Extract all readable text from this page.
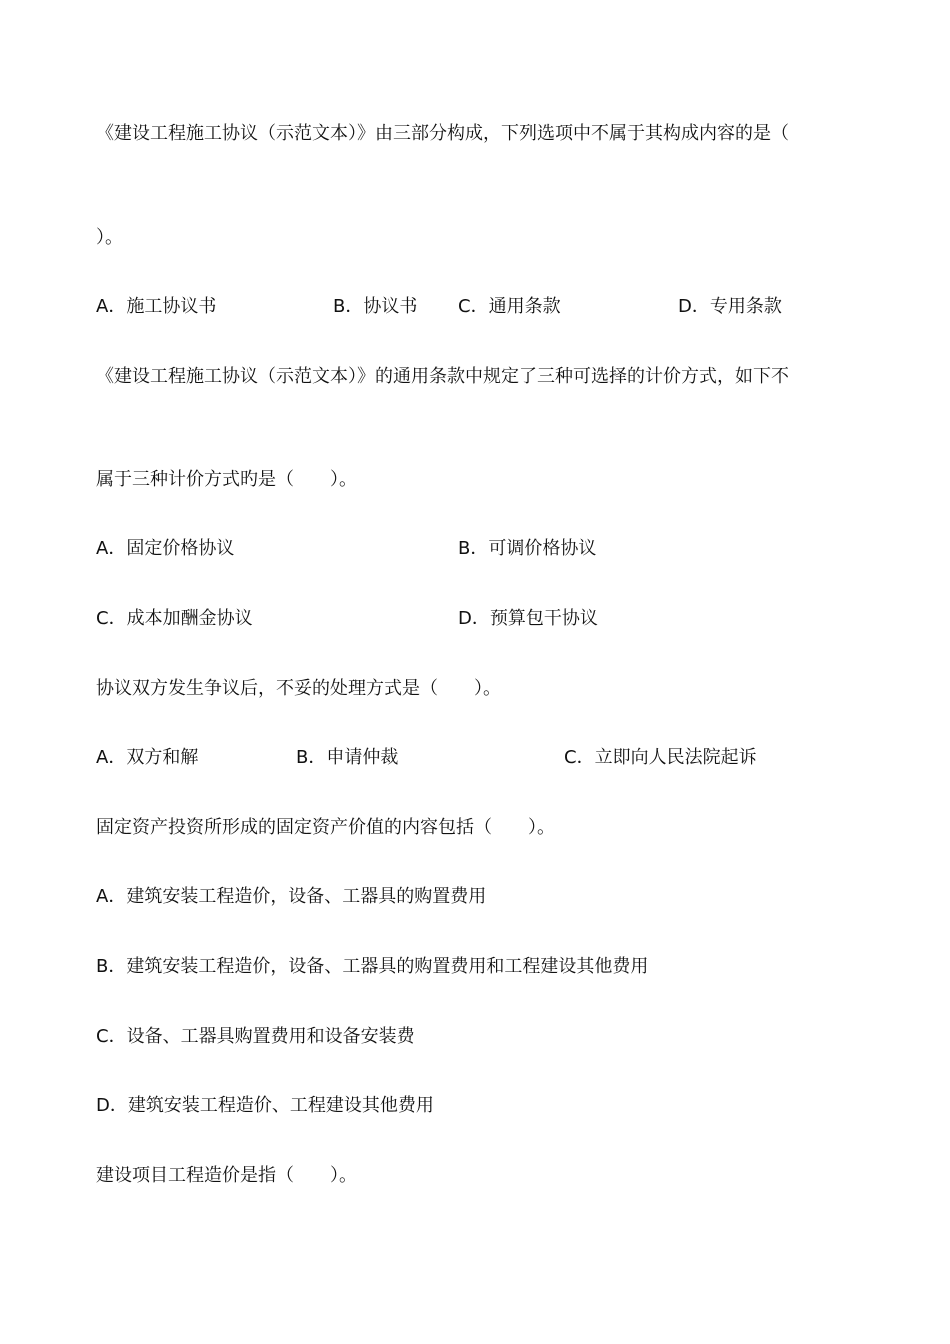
《建设工程施工协议（示范文本）》由三部分构成，下列选项中不属于其构成内容的是（
）。
A．施工协议书	B．协议书 C．通用条款	D．专用条款
《建设工程施工协议（示范文本）》的通用条款中规定了三种可选择的计价方式，如下不
属于三种计价方式旳是（　　）。
A．固定价格协议	B．可调价格协议
C．成本加酬金协议	D．预算包干协议
协议双方发生争议后，不妥的处理方式是（　　）。
A．双方和解	B．申请仲裁	C．立即向人民法院起诉
固定资产投资所形成的固定资产价值的内容包括（　　）。
A．建筑安装工程造价，设备、工器具的购置费用
B．建筑安装工程造价，设备、工器具的购置费用和工程建设其他费用
C．设备、工器具购置费用和设备安装费
D．建筑安装工程造价、工程建设其他费用
建设项目工程造价是指（　　）。
